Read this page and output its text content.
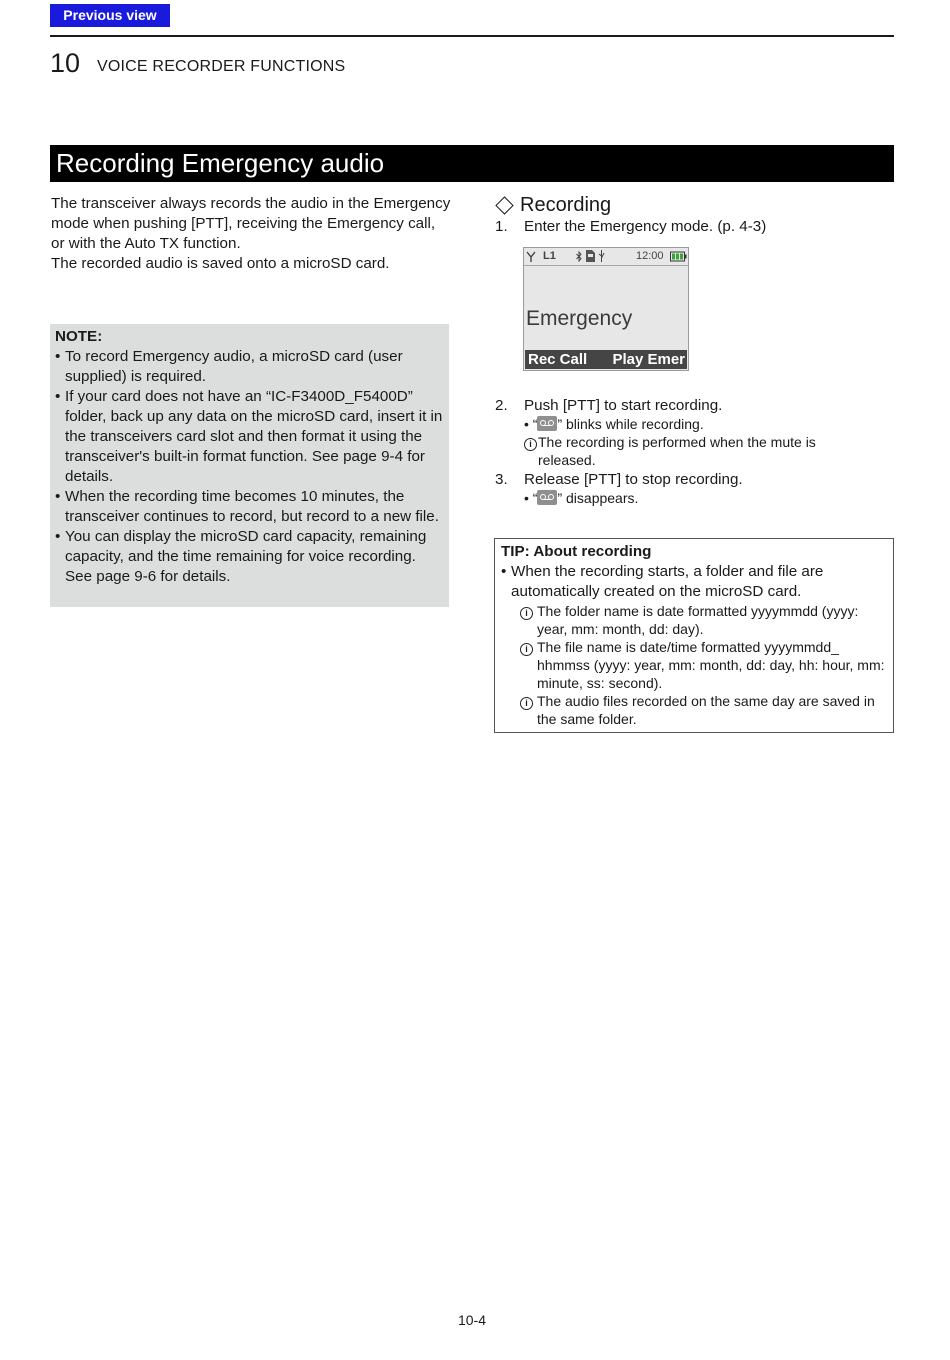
Previous view
10 VOICE RECORDER FUNCTIONS
Recording Emergency audio

The transceiver always records the audio in the Emergency mode when pushing [PTT], receiving the Emergency call, or with the Auto TX function.

The recorded audio is saved onto a microSD card.

NOTE:

• To record Emergency audio, a microSD card (user supplied) is required.
• If your card does not have an “IC-F3400D_F5400D” folder, back up any data on the microSD card, insert it in the transceivers card slot and then format it using the transceiver's built-in format function. See page 9-4 for details.
• When the recording time becomes 10 minutes, the transceiver continues to record, but record to a new file.
• You can display the microSD card capacity, remaining capacity, and the time remaining for voice recording. See page 9-6 for details.
Recording
1.	Enter the Emergency mode. (p. 4-3)
L1	12:00
Emergency
Rec Call Play Emer
2.	Push [PTT] to start recording.
• “ ” blinks while recording.
i The recording is performed when the mute is released.
3.	Release [PTT] to stop recording.
• “ ” disappears.

TIP: About recording

• When the recording starts, a folder and file are automatically created on the microSD card.
i The folder name is date formatted yyyymmdd (yyyy: year, mm: month, dd: day).
i The file name is date/time formatted yyyymmdd_ hhmmss (yyyy: year, mm: month, dd: day, hh: hour, mm: minute, ss: second).
i The audio files recorded on the same day are saved in the same folder.
10-4
